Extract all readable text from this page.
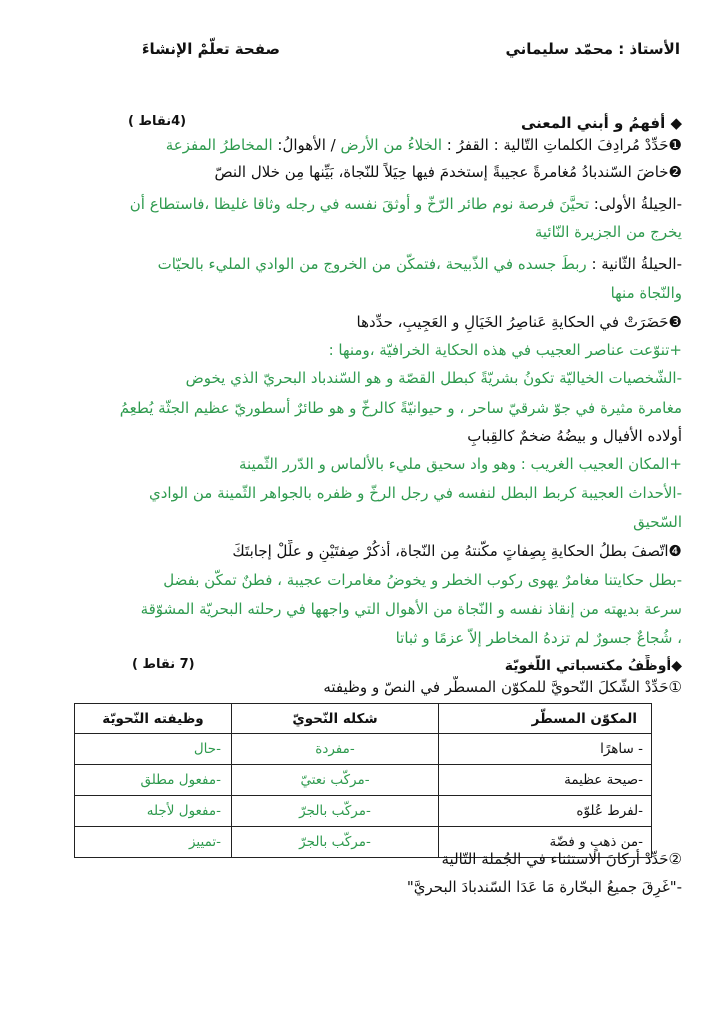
الأستاذ : محمّد سليماني
صفحة تعلّمْ الإنشاءَ
◆ أفهمُ و أبني المعنى
(4نقاط )
❶حَدِّدْ مُرادِفَ الكلماتِ التّالية : القفرُ : الخلاءُ من الأرض / الأهوالُ: المخاطرُ المفزعة
❷خاضَ السّندبادُ مُغامرةً عجيبةً إستخدمَ فيها حِيَلاً للنّجاة، بَيِّنها مِن خلال النصّ
-الحِيلةُ الأولى: تحيَّنَ فرصة نوم طائر الرّخّ و أوثقَ نفسه في رجله وثاقا غليظا ،فاستطاع أن
يخرج من الجزيرة النّائية
-الحيلةُ الثّانية : ربطَ جسده في الذّبيحة ،فتمكّن من الخروج من الوادي المليء بالحيّات
والنّجاة منها
❸حَضَرَتْ في الحكايةِ عَناصِرُ الخَيَالِ و العَجِيبِ، حدِّدها
+تنوّعت عناصر العجيب في هذه الحكاية الخرافيّة ،ومنها :
-الشّخصيات الخياليّة تكونُ بشريّةً كبطل القصّة و هو السّندباد البحريّ الذي يخوض
مغامرة مثيرة في جوّ شرقيّ ساحر ، و حيوانيّةً كالرخّ و هو طائرٌ أسطوريّ عظيم الجثّة يُطعِمُ
أولاده الأفيال و بيضُهُ ضخمٌ كالقِبابِ
+المكان العجيب الغريب : وهو واد سحيق مليء بالألماس و الدّرر الثّمينة
-الأحداث العجيبة كربط البطل لنفسه في رجل الرخّ و ظفره بالجواهر الثّمينة من الوادي
السّحيق
❹اتّصفَ بطلُ الحكايةِ بِصِفاتٍ مكّنتهُ مِن النّجاة، أذكُرْ صِفتَيْنِ و علِّلْ إجابتَكَ
-بطل حكايتنا مغامرٌ يهوى ركوب الخطر و يخوضُ مغامرات عجيبة ، فطنٌ تمكّن بفضل
سرعة بديهته من إنقاذ نفسه و النّجاة من الأهوال التي واجهها في رحلته البحريّة المشوّقة
، شُجاعٌ جسورٌ لم تزدهُ المخاطر إلاّ عزمًا و ثباتا
◆أوظِّفُ مكتسباتي اللّغويّة
(7 نقاط )
①حَدِّدْ الشّكلَ النّحويَّ للمكوّن المسطّر في النصّ و وظيفته
المكوّن المسطّر	شكله النّحويّ	وظيفته النّحويّة
- ساهرًا	-مفردة	-حال
-صيحة عظيمة	-مركّب نعتيّ	-مفعول مطلق
-لفرط عُلوّه	-مركّب بالجرّ	-مفعول لأجله
-من ذهبٍ و فضّة	-مركّب بالجرّ	-تمييز
②حَدِّدْ أركانَ الاستثناء في الجُملة التّالية
-"غَرِقَ جميعُ البحّارة مَا عَدَا السّندبادَ البحريَّ"
